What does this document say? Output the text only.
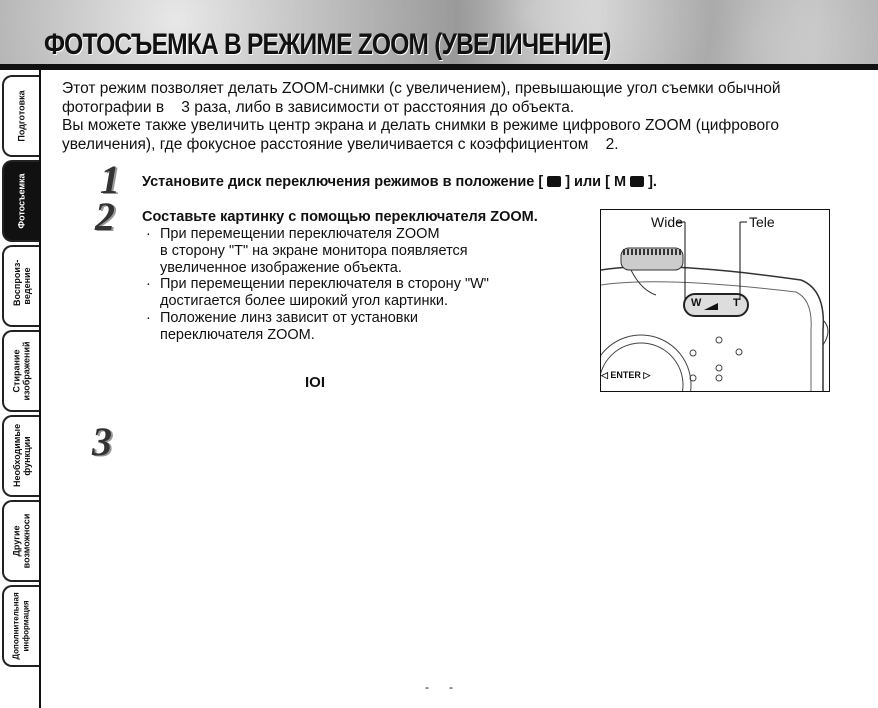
ФОТОСЪЕМКА В РЕЖИМЕ ZOOM (УВЕЛИЧЕНИЕ)
Подготовка
Фотосъемка
Воспроиз- ведение
Стирание изображений
Необходимые функции
Другие возможноси
Дополнительная информация
Этот режим позволяет делать ZOOM-снимки (с увеличением), превышающие угол съемки обычной
фотографии в    3 раза, либо в зависимости от расстояния до объекта.
Вы можете также увеличить центр экрана и делать снимки в режиме цифрового ZOOM (цифрового
увеличения), где фокусное расстояние увеличивается с коэффициентом    2.
1 Установите диск переключения режимов в положение [ ] или [ M ].
2 Составьте картинку с помощью переключателя ZOOM.
· При перемещении переключателя ZOOM
в сторону "T" на экране монитора появляется
увеличенное изображение объекта.
· При перемещении переключателя в сторону "W"
достигается более широкий угол картинки.
· Положение линз зависит от установки
переключателя ZOOM.
IOI
3
Wide	Tele
W	T
◁ ENTER ▷
-      -
